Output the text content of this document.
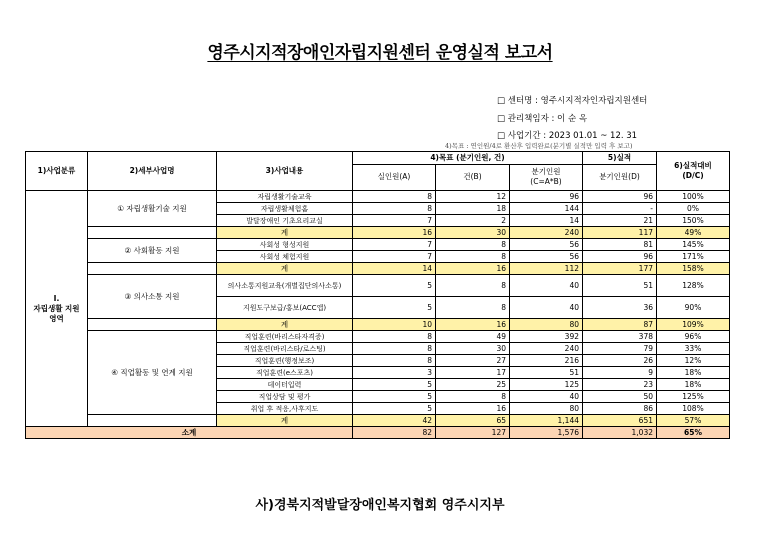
영주시지적장애인자립지원센터 운영실적 보고서
□ 센터명 : 영주시지적자인자립지원센터
□ 관리책임자 : 이 순 옥
□ 사업기간 : 2023 01.01 ~ 12. 31
4)목표 : 연인원/4로 환산후 입력완료(분기별 실적만 입력 후 보고)
1)사업분류	2)세부사업명	3)사업내용	4)목표 (분기인원, 건)			5)실적	6)실적대비
(D/C)
			실인원(A)	건(B)	분기인원
(C=A*B)	분기인원(D)	

I.
자립생활 지원
영역	① 자립생활기술 지원	자립생활기술교육	8	12	96	96	100%
		자립생활체험홈	8	18	144	-	0%
		발달장애인 기초요리교실	7	2	14	21	150%
		계	16	30	240	117	49%
	② 사회활동 지원	사회성 형성지원	7	8	56	81	145%
		사회성 체험지원	7	8	56	96	171%
		계	14	16	112	177	158%
	③ 의사소통 지원	의사소통지원교육(개별집단의사소통)	5	8	40	51	128%
		지원도구보급/홍보(ACC앱)	5	8	40	36	90%
		계	10	16	80	87	109%
	④ 직업활동 및 연계 지원	직업훈련(바리스타자격증)	8	49	392	378	96%
		직업훈련(바리스타/로스팅)	8	30	240	79	33%
		직업훈련(행정보조)	8	27	216	26	12%
		직업훈련(e스포츠)	3	17	51	9	18%
		데이터입력	5	25	125	23	18%
		직업상담 및 평가	5	8	40	50	125%
		취업 후 적응,사후지도	5	16	80	86	108%
		계	42	65	1,144	651	57%
소계			82	127	1,576	1,032	65%
사)경북지적발달장애인복지협회 영주시지부
